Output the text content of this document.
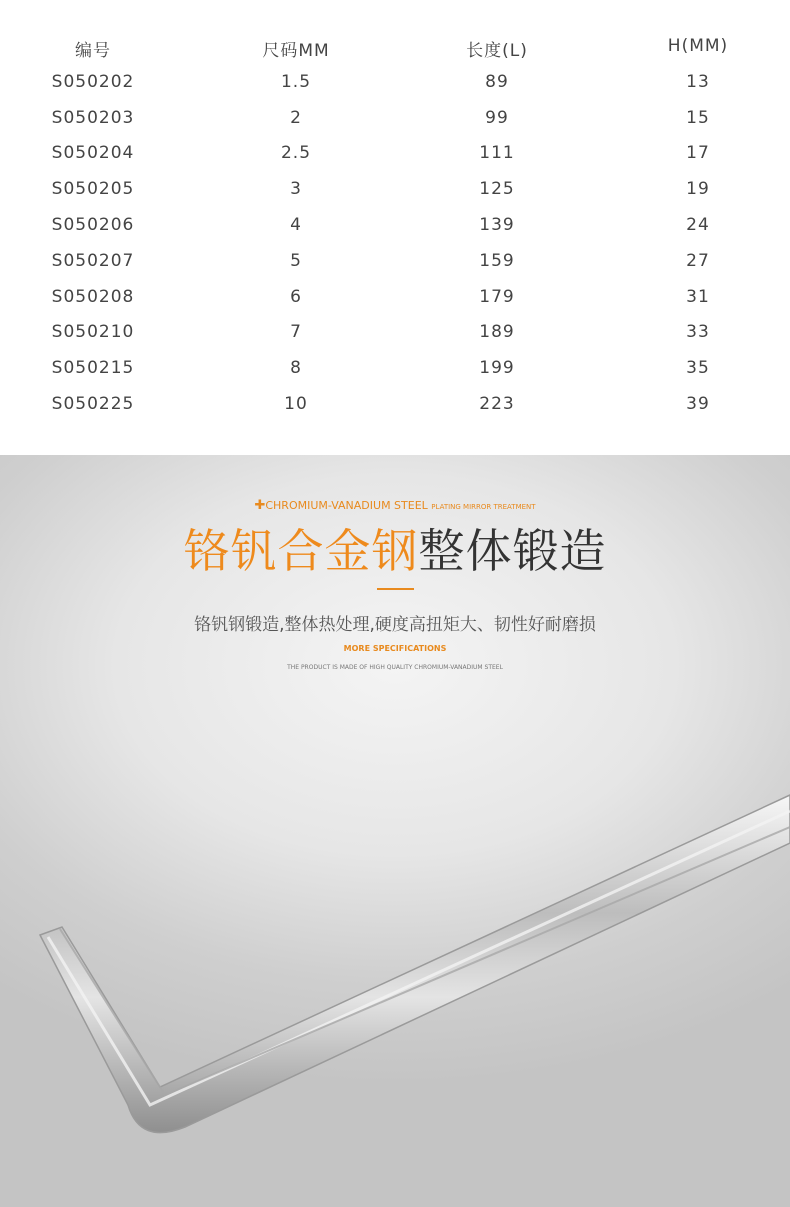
编号	尺码MM	长度(L)	H(MM)
S050202	1.5	89	13
S050203	2	99	15
S050204	2.5	111	17
S050205	3	125	19
S050206	4	139	24
S050207	5	159	27
S050208	6	179	31
S050210	7	189	33
S050215	8	199	35
S050225	10	223	39
✚CHROMIUM-VANADIUM STEEL PLATING MIRROR TREATMENT
铬钒合金钢整体锻造
铬钒钢锻造,整体热处理,硬度高扭矩大、韧性好耐磨损
MORE SPECIFICATIONS
THE PRODUCT IS MADE OF HIGH QUALITY CHROMIUM-VANADIUM STEEL
